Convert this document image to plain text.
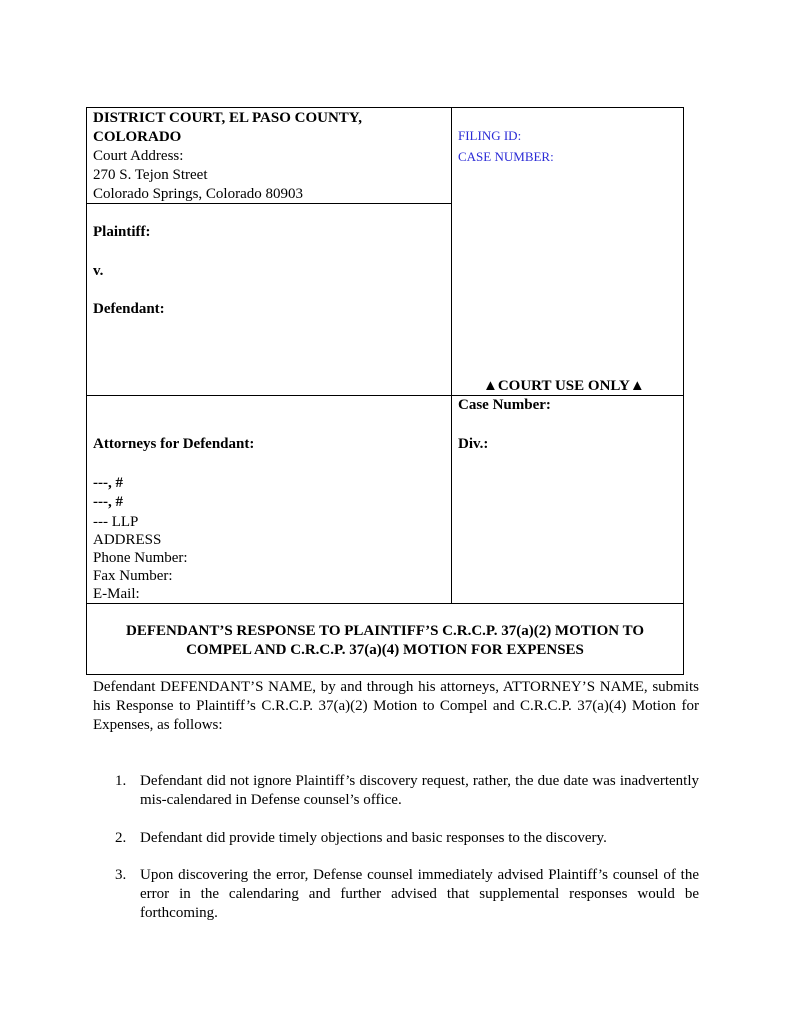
DISTRICT COURT, EL PASO COUNTY,
COLORADO
Court Address:
270 S. Tejon Street
Colorado Springs, Colorado 80903
FILING ID:
CASE NUMBER:
Plaintiff:
v.
Defendant:
▲COURT USE ONLY▲
Attorneys for Defendant:
---, #
---, #
--- LLP
ADDRESS
Phone Number:
Fax Number:
E-Mail:
Case Number:
Div.:
DEFENDANT’S RESPONSE TO PLAINTIFF’S C.R.C.P. 37(a)(2) MOTION TO
COMPEL AND C.R.C.P. 37(a)(4) MOTION FOR EXPENSES
Defendant DEFENDANT’S NAME, by and through his attorneys, ATTORNEY’S NAME, submits his Response to Plaintiff’s C.R.C.P. 37(a)(2) Motion to Compel and C.R.C.P. 37(a)(4) Motion for Expenses, as follows:
1. Defendant did not ignore Plaintiff’s discovery request, rather, the due date was inadvertently mis-calendared in Defense counsel’s office.
2. Defendant did provide timely objections and basic responses to the discovery.
3. Upon discovering the error, Defense counsel immediately advised Plaintiff’s counsel of the error in the calendaring and further advised that supplemental responses would be forthcoming.
